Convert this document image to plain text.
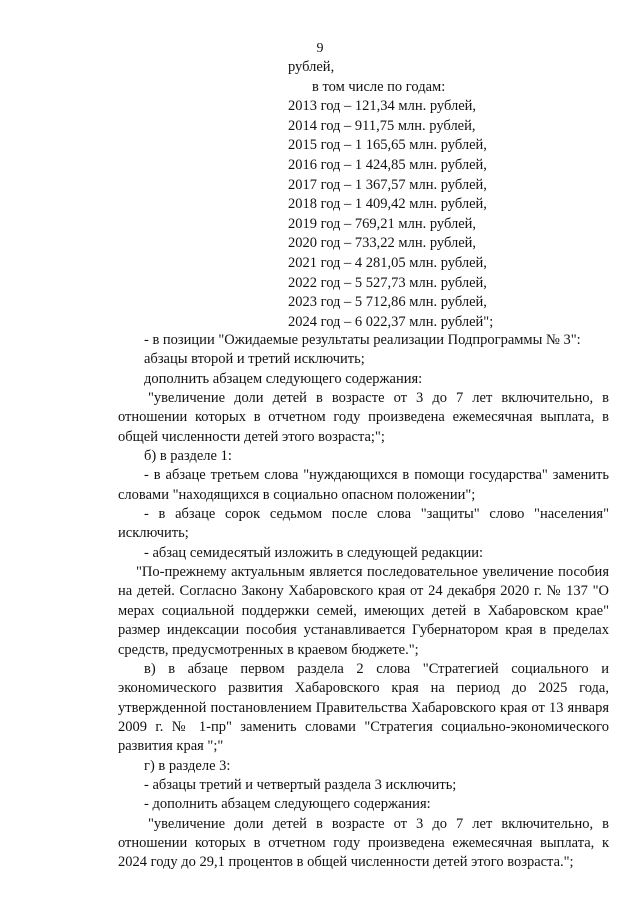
9
рублей,
в том числе по годам:
2013 год – 121,34 млн. рублей,
2014 год – 911,75 млн. рублей,
2015 год – 1 165,65 млн. рублей,
2016 год – 1 424,85 млн. рублей,
2017 год – 1 367,57 млн. рублей,
2018 год – 1 409,42 млн. рублей,
2019 год – 769,21 млн. рублей,
2020 год – 733,22 млн. рублей,
2021 год – 4 281,05 млн. рублей,
2022 год – 5 527,73 млн. рублей,
2023 год – 5 712,86 млн. рублей,
2024 год – 6 022,37 млн. рублей";

- в позиции "Ожидаемые результаты реализации Подпрограммы № 3":

абзацы второй и третий исключить;

дополнить абзацем следующего содержания:

"увеличение доли детей в возрасте от 3 до 7 лет включительно, в отношении которых в отчетном году произведена ежемесячная выплата, в общей численности детей этого возраста;";

б) в разделе 1:

- в абзаце третьем слова "нуждающихся в помощи государства" заменить словами "находящихся в социально опасном положении";

- в абзаце сорок седьмом после слова "защиты" слово "населения" исключить;

- абзац семидесятый изложить в следующей редакции:

"По-прежнему актуальным является последовательное увеличение пособия на детей. Согласно Закону Хабаровского края от 24 декабря 2020 г. № 137 "О мерах социальной поддержки семей, имеющих детей в Хабаровском крае" размер индексации пособия устанавливается Губернатором края в пределах средств, предусмотренных в краевом бюджете.";

в) в абзаце первом раздела 2 слова "Стратегией социального и экономического развития Хабаровского края на период до 2025 года, утвержденной постановлением Правительства Хабаровского края от 13 января 2009 г. № 1-пр" заменить словами "Стратегия социально-экономического развития края ";"

г) в разделе 3:

- абзацы третий и четвертый раздела 3 исключить;

- дополнить абзацем следующего содержания:

"увеличение доли детей в возрасте от 3 до 7 лет включительно, в отношении которых в отчетном году произведена ежемесячная выплата, к 2024 году до 29,1 процентов в общей численности детей этого возраста.";
